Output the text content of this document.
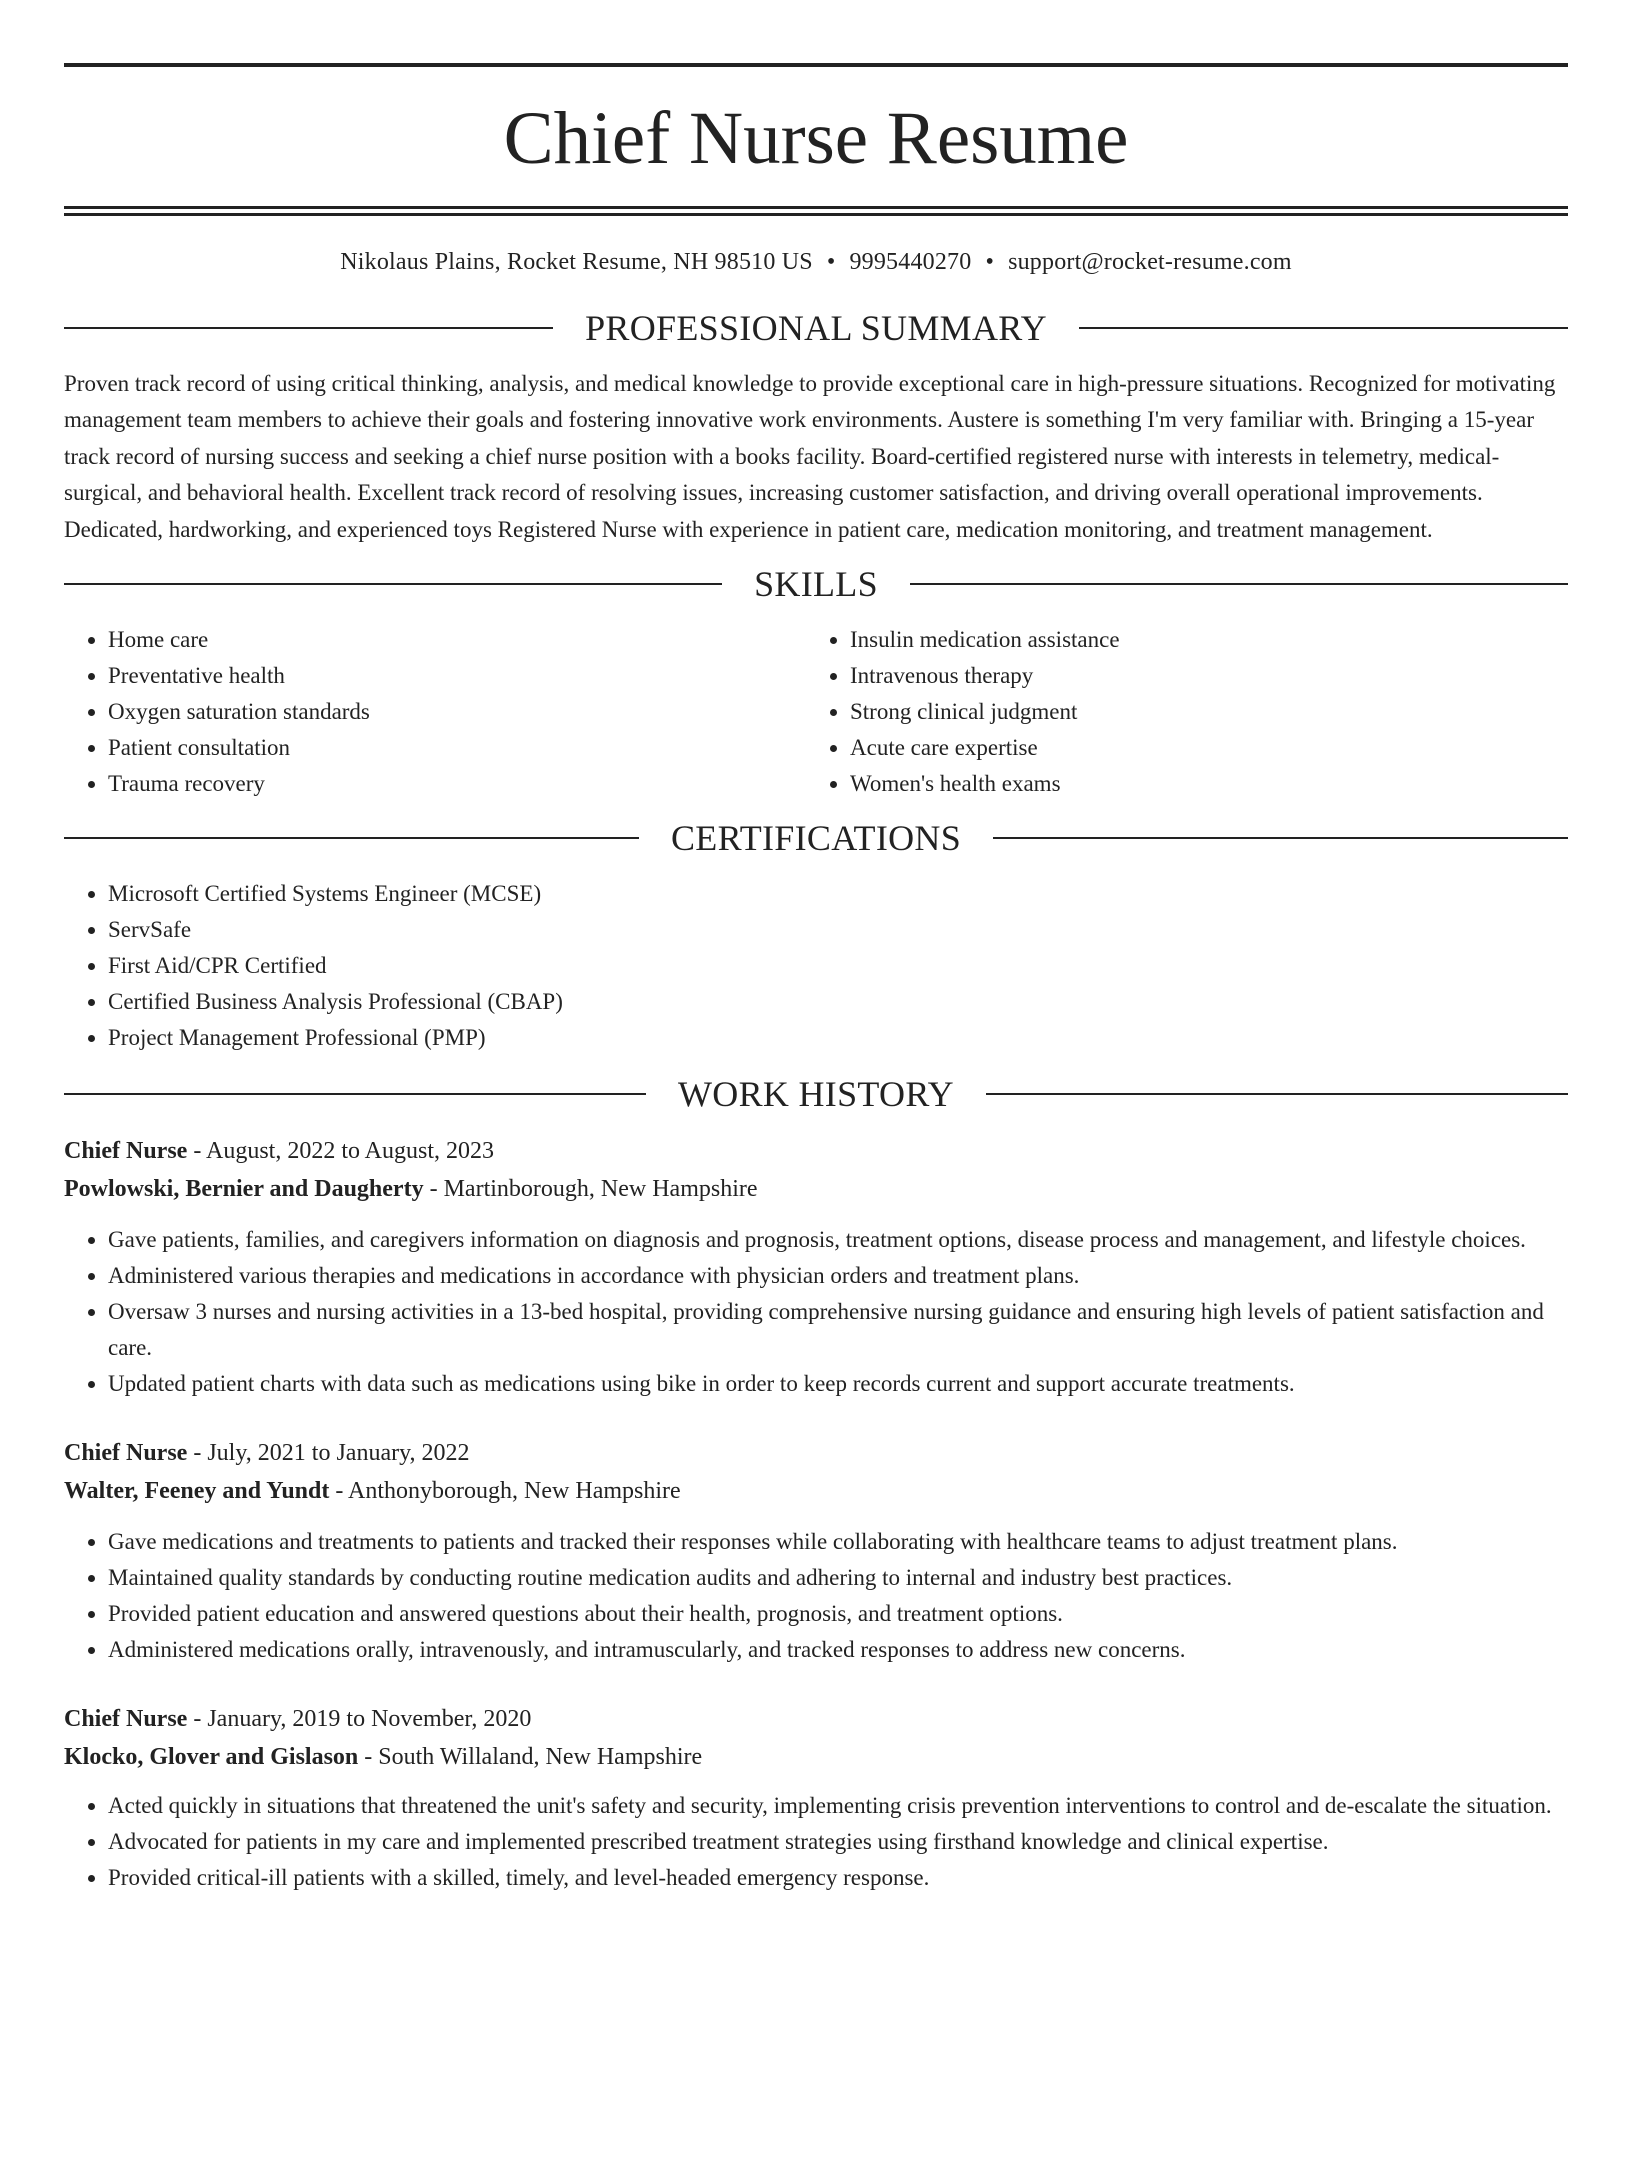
Chief Nurse Resume
Nikolaus Plains, Rocket Resume, NH 98510 US • 9995440270 • support@rocket-resume.com
PROFESSIONAL SUMMARY

Proven track record of using critical thinking, analysis, and medical knowledge to provide exceptional care in high-pressure situations. Recognized for motivating management team members to achieve their goals and fostering innovative work environments. Austere is something I'm very familiar with. Bringing a 15-year track record of nursing success and seeking a chief nurse position with a books facility. Board-certified registered nurse with interests in telemetry, medical-surgical, and behavioral health. Excellent track record of resolving issues, increasing customer satisfaction, and driving overall operational improvements. Dedicated, hardworking, and experienced toys Registered Nurse with experience in patient care, medication monitoring, and treatment management.

SKILLS
• Home care
• Preventative health
• Oxygen saturation standards
• Patient consultation
• Trauma recovery
• Insulin medication assistance
• Intravenous therapy
• Strong clinical judgment
• Acute care expertise
• Women's health exams
CERTIFICATIONS
• Microsoft Certified Systems Engineer (MCSE)
• ServSafe
• First Aid/CPR Certified
• Certified Business Analysis Professional (CBAP)
• Project Management Professional (PMP)
WORK HISTORY
Chief Nurse - August, 2022 to August, 2023
Powlowski, Bernier and Daugherty - Martinborough, New Hampshire
• Gave patients, families, and caregivers information on diagnosis and prognosis, treatment options, disease process and management, and lifestyle choices.
• Administered various therapies and medications in accordance with physician orders and treatment plans.
• Oversaw 3 nurses and nursing activities in a 13-bed hospital, providing comprehensive nursing guidance and ensuring high levels of patient satisfaction and care.
• Updated patient charts with data such as medications using bike in order to keep records current and support accurate treatments.
Chief Nurse - July, 2021 to January, 2022
Walter, Feeney and Yundt - Anthonyborough, New Hampshire
• Gave medications and treatments to patients and tracked their responses while collaborating with healthcare teams to adjust treatment plans.
• Maintained quality standards by conducting routine medication audits and adhering to internal and industry best practices.
• Provided patient education and answered questions about their health, prognosis, and treatment options.
• Administered medications orally, intravenously, and intramuscularly, and tracked responses to address new concerns.
Chief Nurse - January, 2019 to November, 2020
Klocko, Glover and Gislason - South Willaland, New Hampshire
• Acted quickly in situations that threatened the unit's safety and security, implementing crisis prevention interventions to control and de-escalate the situation.
• Advocated for patients in my care and implemented prescribed treatment strategies using firsthand knowledge and clinical expertise.
• Provided critical-ill patients with a skilled, timely, and level-headed emergency response.
